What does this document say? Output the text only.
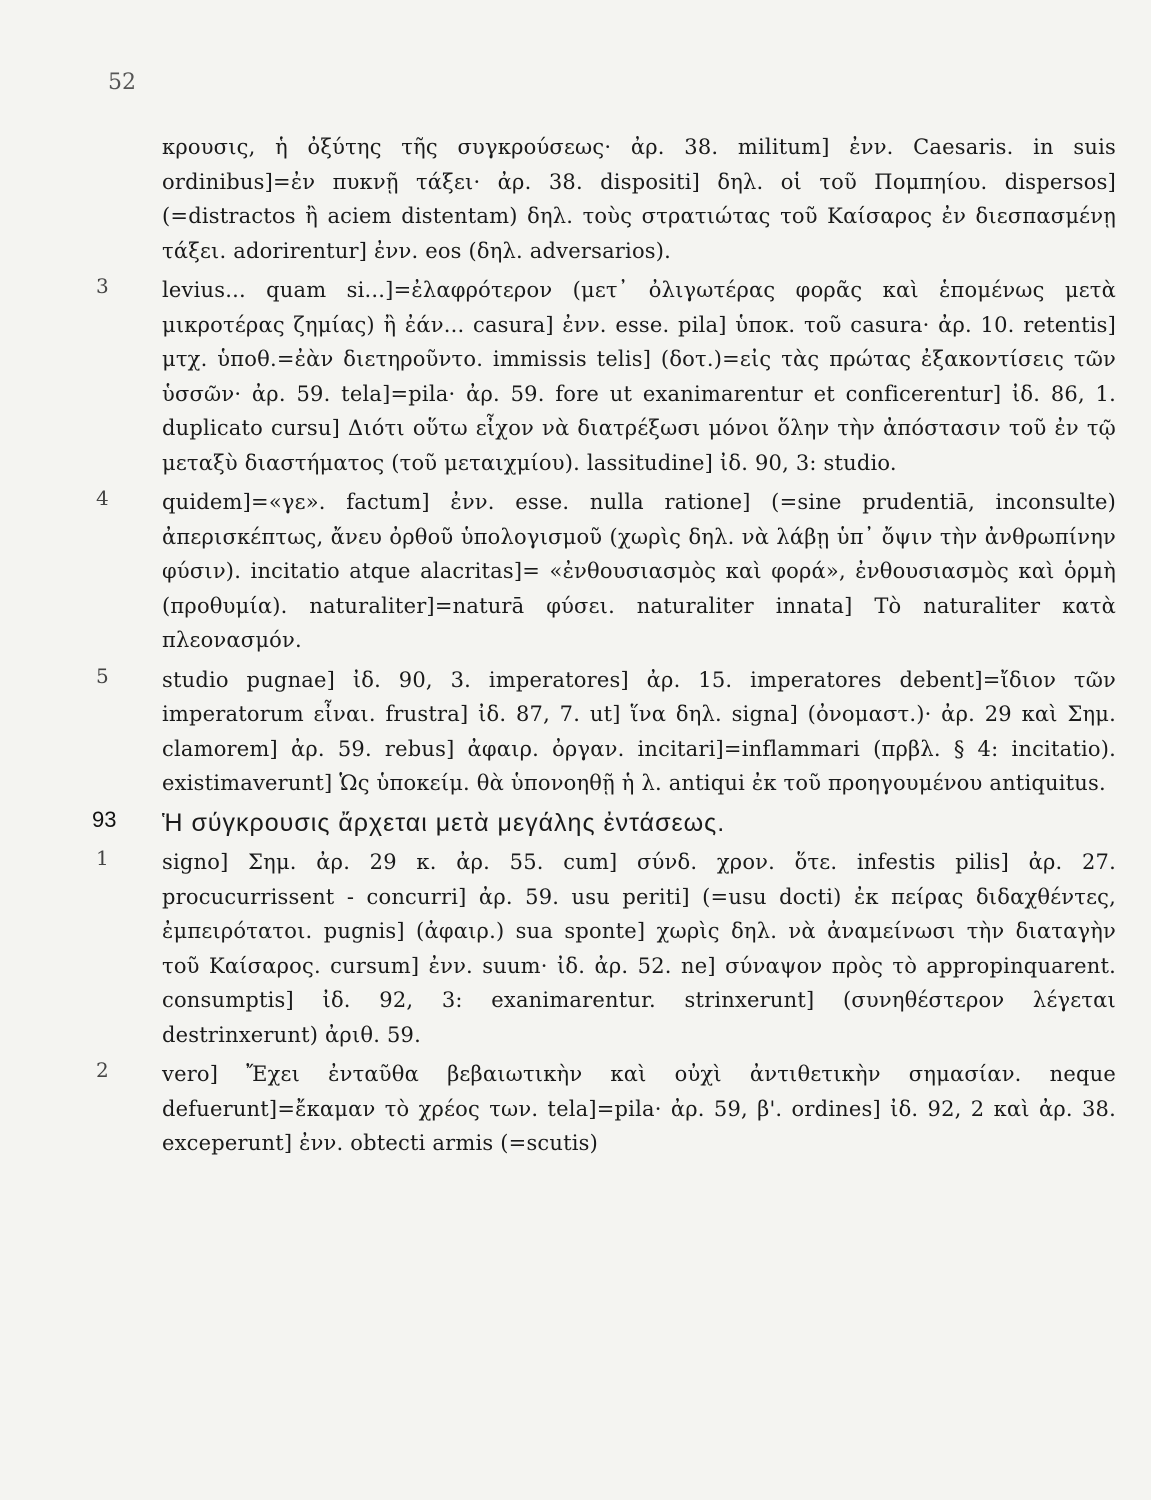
52
κρουσις, ἡ ὀξύτης τῆς συγκρούσεως· ἀρ. 38. militum] ἐνν. Caesaris. in suis ordinibus]=ἐν πυκνῇ τάξει· ἀρ. 38. dispositi] δηλ. οἱ τοῦ Πομπηίου. dispersos] (=distractos ἢ aciem distentam) δηλ. τοὺς στρατιώτας τοῦ Καίσαρος ἐν διεσπασμένῃ τάξει. adorirentur] ἐνν. eos (δηλ. adversarios).
3	levius... quam si...]=ἐλαφρότερον (μετ᾽ ὀλιγωτέρας φορᾶς καὶ ἑπομένως μετὰ μικροτέρας ζημίας) ἢ ἐάν... casura] ἐνν. esse. pila] ὑποκ. τοῦ casura· ἀρ. 10. retentis] μτχ. ὑποθ.=ἐὰν διετηροῦντο. immissis telis] (δοτ.)=εἰς τὰς πρώτας ἐξακοντίσεις τῶν ὑσσῶν· ἀρ. 59. tela]=pila· ἀρ. 59. fore ut exanimarentur et conficerentur] ἰδ. 86, 1. duplicato cursu] Διότι οὕτω εἶχον νὰ διατρέξωσι μόνοι ὅλην τὴν ἀπόστασιν τοῦ ἐν τῷ μεταξὺ διαστήματος (τοῦ μεταιχμίου). lassitudine] ἰδ. 90, 3: studio.
4	quidem]=«γε». factum] ἐνν. esse. nulla ratione] (=sine prudentiā, inconsulte) ἀπερισκέπτως, ἄνευ ὀρθοῦ ὑπολογισμοῦ (χωρὶς δηλ. νὰ λάβῃ ὑπ᾽ ὄψιν τὴν ἀνθρωπίνην φύσιν). incitatio atque alacritas]= «ἐνθουσιασμὸς καὶ φορά», ἐνθουσιασμὸς καὶ ὁρμὴ (προθυμία). naturaliter]=naturā φύσει. naturaliter innata] Τὸ naturaliter κατὰ πλεονασμόν.
5	studio pugnae] ἰδ. 90, 3. imperatores] ἀρ. 15. imperatores debent]=ἴδιον τῶν imperatorum εἶναι. frustra] ἰδ. 87, 7. ut] ἵνα δηλ. signa] (ὀνομαστ.)· ἀρ. 29 καὶ Σημ. clamorem] ἀρ. 59. rebus] ἀφαιρ. ὀργαν. incitari]=inflammari (πρβλ. § 4: incitatio). existimaverunt] Ὡς ὑποκείμ. θὰ ὑπονοηθῇ ἡ λ. antiqui ἐκ τοῦ προηγουμένου antiquitus.
93	Ἡ σύγκρουσις ἄρχεται μετὰ μεγάλης ἐντάσεως.
1	signo] Σημ. ἀρ. 29 κ. ἀρ. 55. cum] σύνδ. χρον. ὅτε. infestis pilis] ἀρ. 27. procucurrissent - concurri] ἀρ. 59. usu periti] (=usu docti) ἐκ πείρας διδαχθέντες, ἐμπειρότατοι. pugnis] (ἀφαιρ.) sua sponte] χωρὶς δηλ. νὰ ἀναμείνωσι τὴν διαταγὴν τοῦ Καίσαρος. cursum] ἐνν. suum· ἰδ. ἀρ. 52. ne] σύναψον πρὸς τὸ appropinquarent. consumptis] ἰδ. 92, 3: exanimarentur. strinxerunt] (συνηθέστερον λέγεται destrinxerunt) ἀριθ. 59.
2	vero] Ἔχει ἐνταῦθα βεβαιωτικὴν καὶ οὐχὶ ἀντιθετικὴν σημασίαν. neque defuerunt]=ἔκαμαν τὸ χρέος των. tela]=pila· ἀρ. 59, β'. ordines] ἰδ. 92, 2 καὶ ἀρ. 38. exceperunt] ἐνν. obtecti armis (=scutis)
